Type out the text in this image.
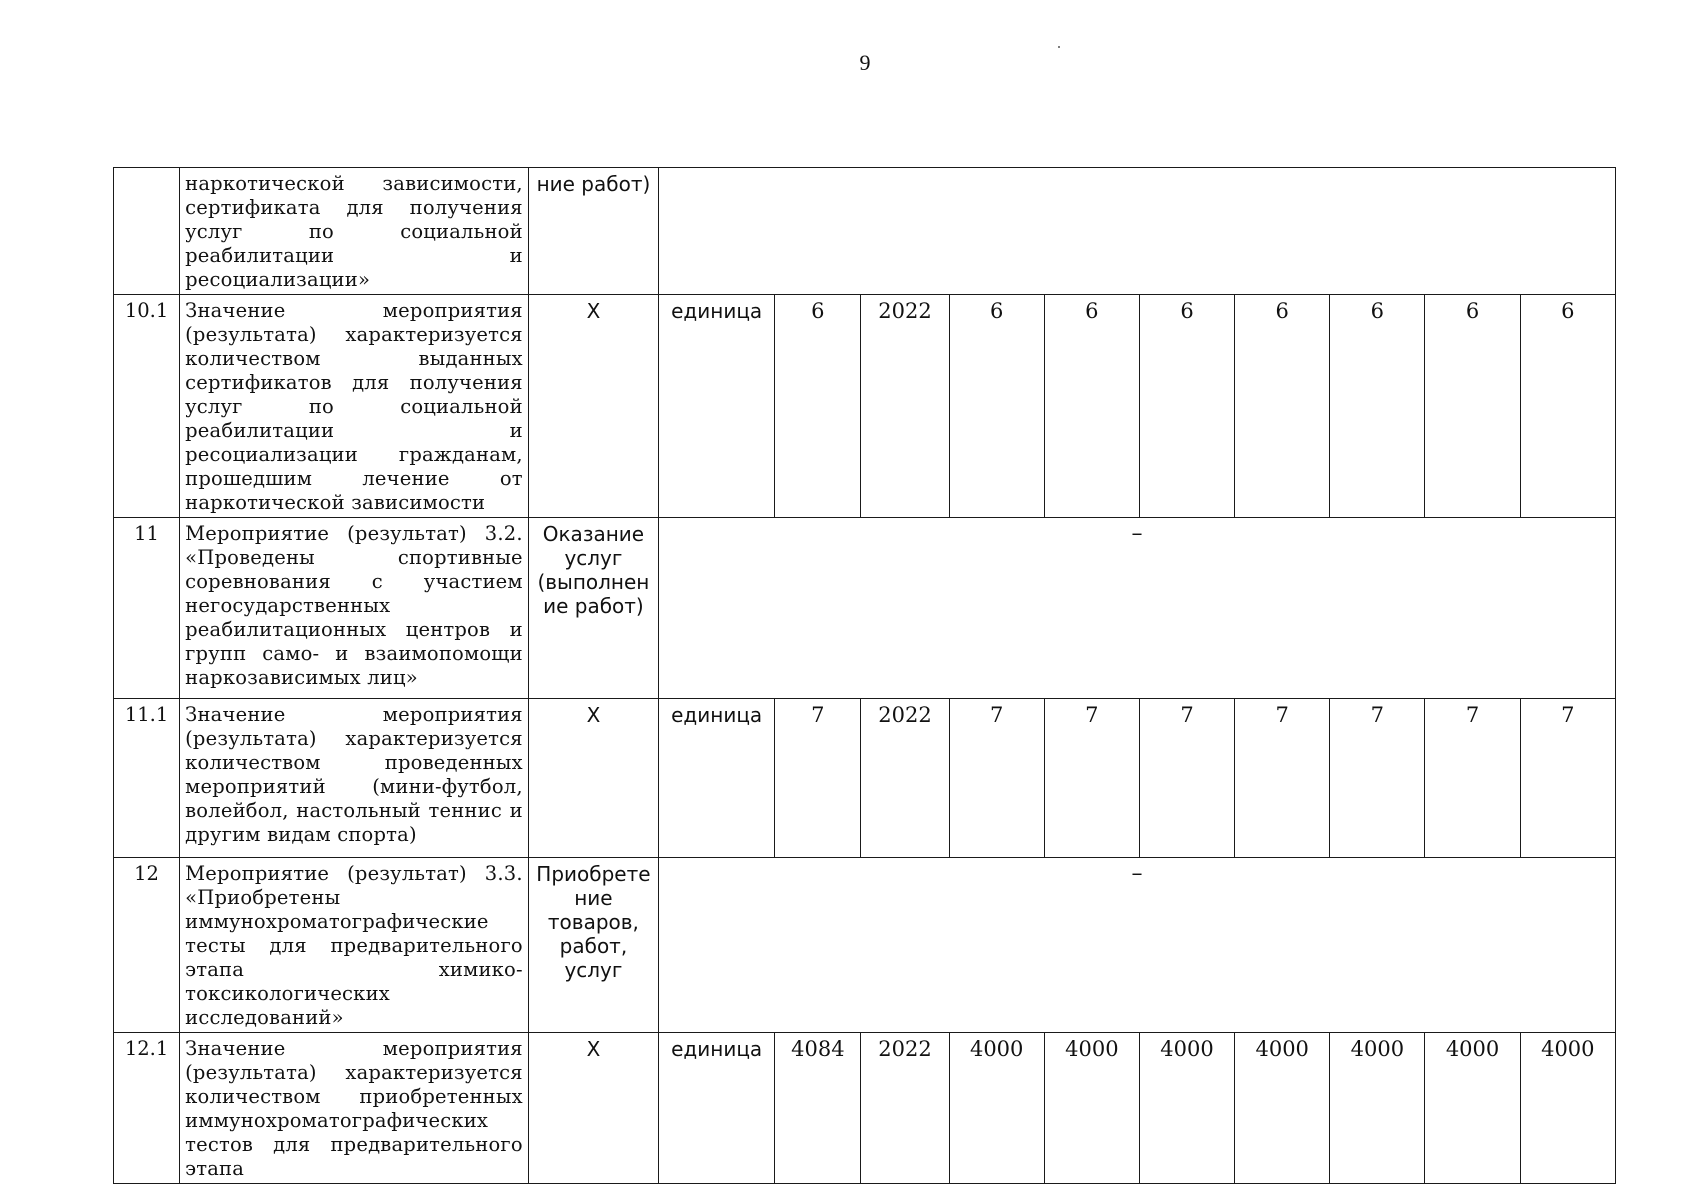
9
	наркотической зависимости, сертификата для получения услуг по социальной реабилитации и ресоциализации»	ние работ)										
10.1	Значение мероприятия (результата) характеризуется количеством выданных сертификатов для получения услуг по социальной реабилитации и ресоциализации гражданам, прошедшим лечение от наркотической зависимости	Х	единица	6	2022	6	6	6	6	6	6	6
11	Мероприятие (результат) 3.2. «Проведены спортивные соревнования с участием негосударственных реабилитационных центров и групп само- и взаимопомощи наркозависимых лиц»	Оказание услуг (выполнение работ)	–									
11.1	Значение мероприятия (результата) характеризуется количеством проведенных мероприятий (мини-футбол, волейбол, настольный теннис и другим видам спорта)	Х	единица	7	2022	7	7	7	7	7	7	7
12	Мероприятие (результат) 3.3. «Приобретены иммунохроматографические тесты для предварительного этапа химико-токсикологических исследований»	Приобретение товаров, работ, услуг	–									
12.1	Значение мероприятия (результата) характеризуется количеством приобретенных иммунохроматографических тестов для предварительного этапа	Х	единица	4084	2022	4000	4000	4000	4000	4000	4000	4000
